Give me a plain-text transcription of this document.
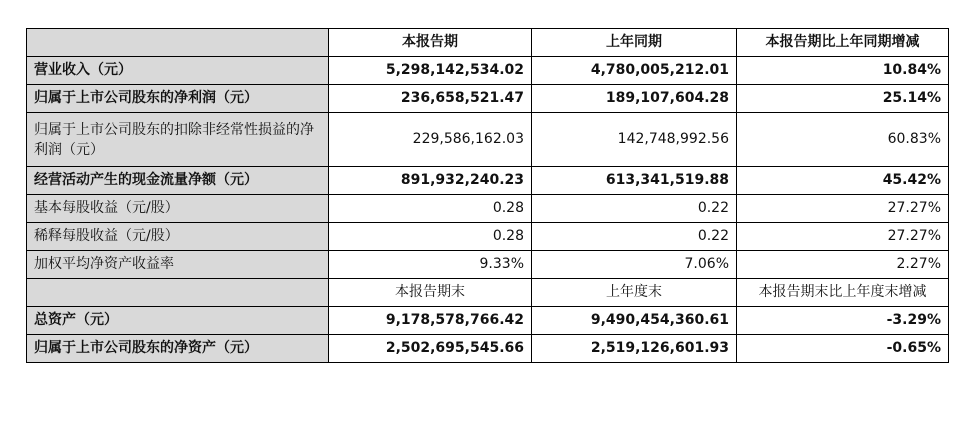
	本报告期	上年同期	本报告期比上年同期增减
营业收入（元）	5,298,142,534.02	4,780,005,212.01	10.84%
归属于上市公司股东的净利润（元）	236,658,521.47	189,107,604.28	25.14%
归属于上市公司股东的扣除非经常性损益的净利润（元）	229,586,162.03	142,748,992.56	60.83%
经营活动产生的现金流量净额（元）	891,932,240.23	613,341,519.88	45.42%
基本每股收益（元/股）	0.28	0.22	27.27%
稀释每股收益（元/股）	0.28	0.22	27.27%
加权平均净资产收益率	9.33%	7.06%	2.27%
	本报告期末	上年度末	本报告期末比上年度末增减
总资产（元）	9,178,578,766.42	9,490,454,360.61	-3.29%
归属于上市公司股东的净资产（元）	2,502,695,545.66	2,519,126,601.93	-0.65%
